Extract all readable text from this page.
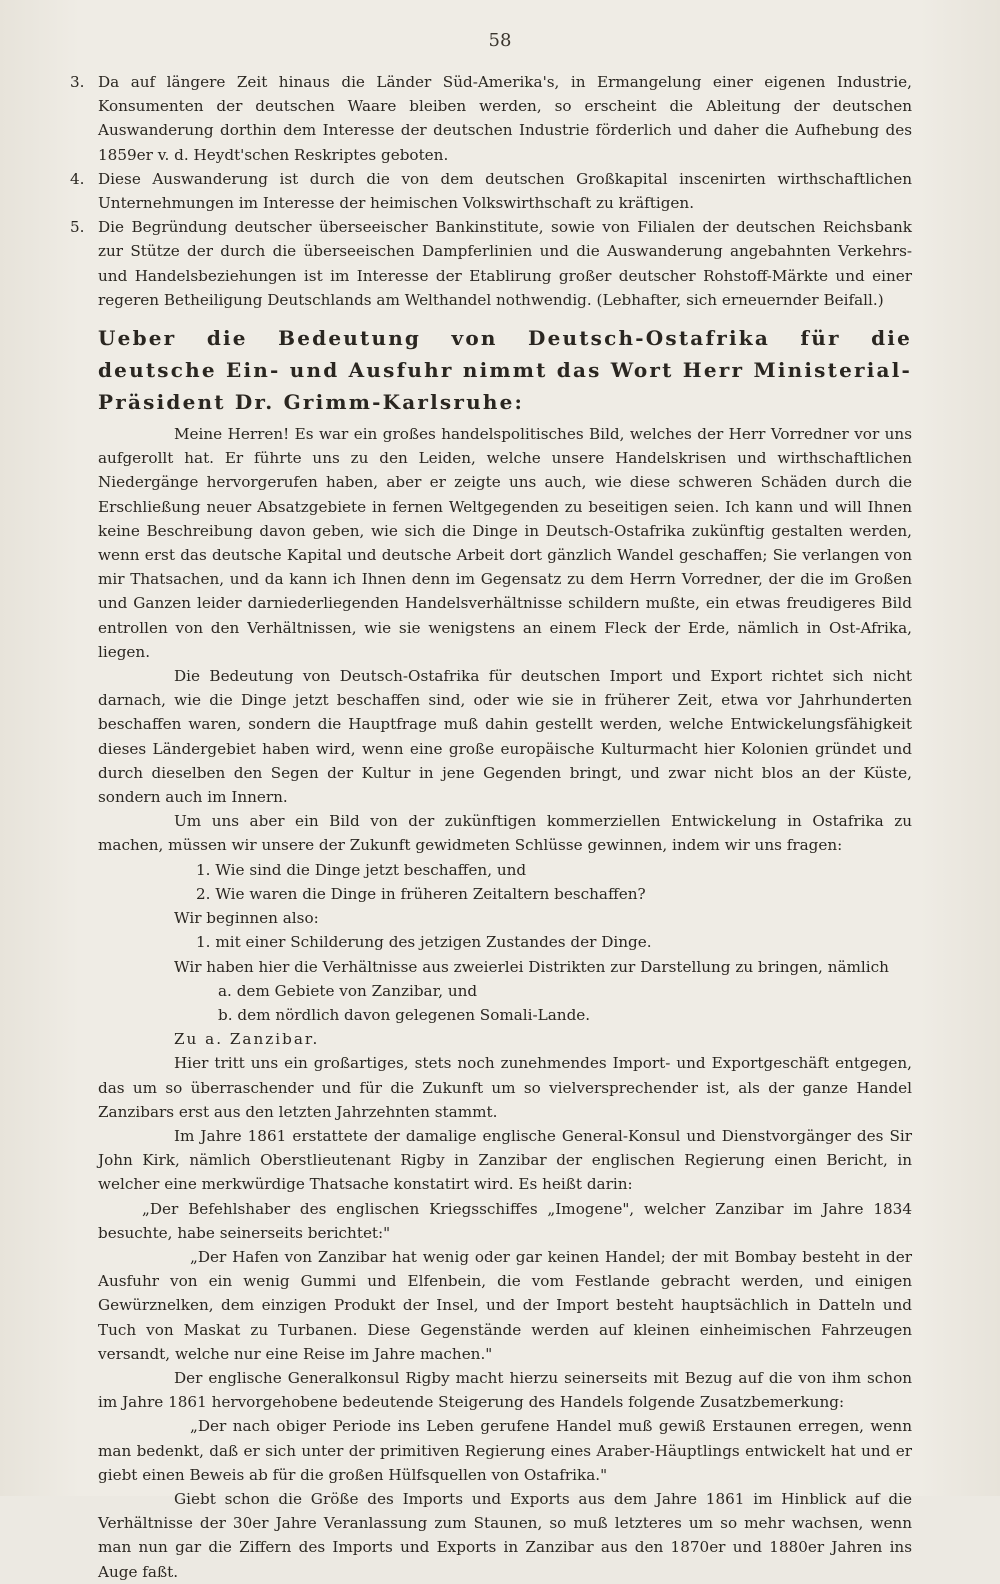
58
3. Da auf längere Zeit hinaus die Länder Süd-Amerika's, in Ermangelung einer eigenen Industrie, Konsumenten der deutschen Waare bleiben werden, so erscheint die Ableitung der deutschen Auswanderung dorthin dem Interesse der deutschen Industrie förderlich und daher die Aufhebung des 1859er v. d. Heydt'schen Reskriptes geboten.

4. Diese Auswanderung ist durch die von dem deutschen Großkapital inscenirten wirthschaftlichen Unternehmungen im Interesse der heimischen Volkswirthschaft zu kräftigen.

5. Die Begründung deutscher überseeischer Bankinstitute, sowie von Filialen der deutschen Reichsbank zur Stütze der durch die überseeischen Dampferlinien und die Auswanderung angebahnten Verkehrs- und Handelsbeziehungen ist im Interesse der Etablirung großer deutscher Rohstoff-Märkte und einer regeren Betheiligung Deutschlands am Welthandel nothwendig. (Lebhafter, sich erneuernder Beifall.)

Ueber die Bedeutung von Deutsch-Ostafrika für die deutsche Ein- und Ausfuhr nimmt das Wort Herr Ministerial-Präsident Dr. Grimm-Karlsruhe:

Meine Herren! Es war ein großes handelspolitisches Bild, welches der Herr Vorredner vor uns aufgerollt hat. Er führte uns zu den Leiden, welche unsere Handelskrisen und wirthschaftlichen Niedergänge hervorgerufen haben, aber er zeigte uns auch, wie diese schweren Schäden durch die Erschließung neuer Absatzgebiete in fernen Weltgegenden zu beseitigen seien. Ich kann und will Ihnen keine Beschreibung davon geben, wie sich die Dinge in Deutsch-Ostafrika zukünftig gestalten werden, wenn erst das deutsche Kapital und deutsche Arbeit dort gänzlich Wandel geschaffen; Sie verlangen von mir Thatsachen, und da kann ich Ihnen denn im Gegensatz zu dem Herrn Vorredner, der die im Großen und Ganzen leider darniederliegenden Handelsverhältnisse schildern mußte, ein etwas freudigeres Bild entrollen von den Verhältnissen, wie sie wenigstens an einem Fleck der Erde, nämlich in Ost-Afrika, liegen.

Die Bedeutung von Deutsch-Ostafrika für deutschen Import und Export richtet sich nicht darnach, wie die Dinge jetzt beschaffen sind, oder wie sie in früherer Zeit, etwa vor Jahrhunderten beschaffen waren, sondern die Hauptfrage muß dahin gestellt werden, welche Entwickelungsfähigkeit dieses Ländergebiet haben wird, wenn eine große europäische Kulturmacht hier Kolonien gründet und durch dieselben den Segen der Kultur in jene Gegenden bringt, und zwar nicht blos an der Küste, sondern auch im Innern.

Um uns aber ein Bild von der zukünftigen kommerziellen Entwickelung in Ostafrika zu machen, müssen wir unsere der Zukunft gewidmeten Schlüsse gewinnen, indem wir uns fragen:

1. Wie sind die Dinge jetzt beschaffen, und

2. Wie waren die Dinge in früheren Zeitaltern beschaffen?

Wir beginnen also:

1. mit einer Schilderung des jetzigen Zustandes der Dinge.

Wir haben hier die Verhältnisse aus zweierlei Distrikten zur Darstellung zu bringen, nämlich

a. dem Gebiete von Zanzibar, und

b. dem nördlich davon gelegenen Somali-Lande.

Zu a. Zanzibar.

Hier tritt uns ein großartiges, stets noch zunehmendes Import- und Exportgeschäft entgegen, das um so überraschender und für die Zukunft um so vielversprechender ist, als der ganze Handel Zanzibars erst aus den letzten Jahrzehnten stammt.

Im Jahre 1861 erstattete der damalige englische General-Konsul und Dienstvorgänger des Sir John Kirk, nämlich Oberstlieutenant Rigby in Zanzibar der englischen Regierung einen Bericht, in welcher eine merkwürdige Thatsache konstatirt wird. Es heißt darin:

„Der Befehlshaber des englischen Kriegsschiffes „Imogene", welcher Zanzibar im Jahre 1834 besuchte, habe seinerseits berichtet:"

„Der Hafen von Zanzibar hat wenig oder gar keinen Handel; der mit Bombay besteht in der Ausfuhr von ein wenig Gummi und Elfenbein, die vom Festlande gebracht werden, und einigen Gewürznelken, dem einzigen Produkt der Insel, und der Import besteht hauptsächlich in Datteln und Tuch von Maskat zu Turbanen. Diese Gegenstände werden auf kleinen einheimischen Fahrzeugen versandt, welche nur eine Reise im Jahre machen."

Der englische Generalkonsul Rigby macht hierzu seinerseits mit Bezug auf die von ihm schon im Jahre 1861 hervorgehobene bedeutende Steigerung des Handels folgende Zusatzbemerkung:

„Der nach obiger Periode ins Leben gerufene Handel muß gewiß Erstaunen erregen, wenn man bedenkt, daß er sich unter der primitiven Regierung eines Araber-Häuptlings entwickelt hat und er giebt einen Beweis ab für die großen Hülfsquellen von Ostafrika."

Giebt schon die Größe des Imports und Exports aus dem Jahre 1861 im Hinblick auf die Verhältnisse der 30er Jahre Veranlassung zum Staunen, so muß letzteres um so mehr wachsen, wenn man nun gar die Ziffern des Imports und Exports in Zanzibar aus den 1870er und 1880er Jahren ins Auge faßt.
